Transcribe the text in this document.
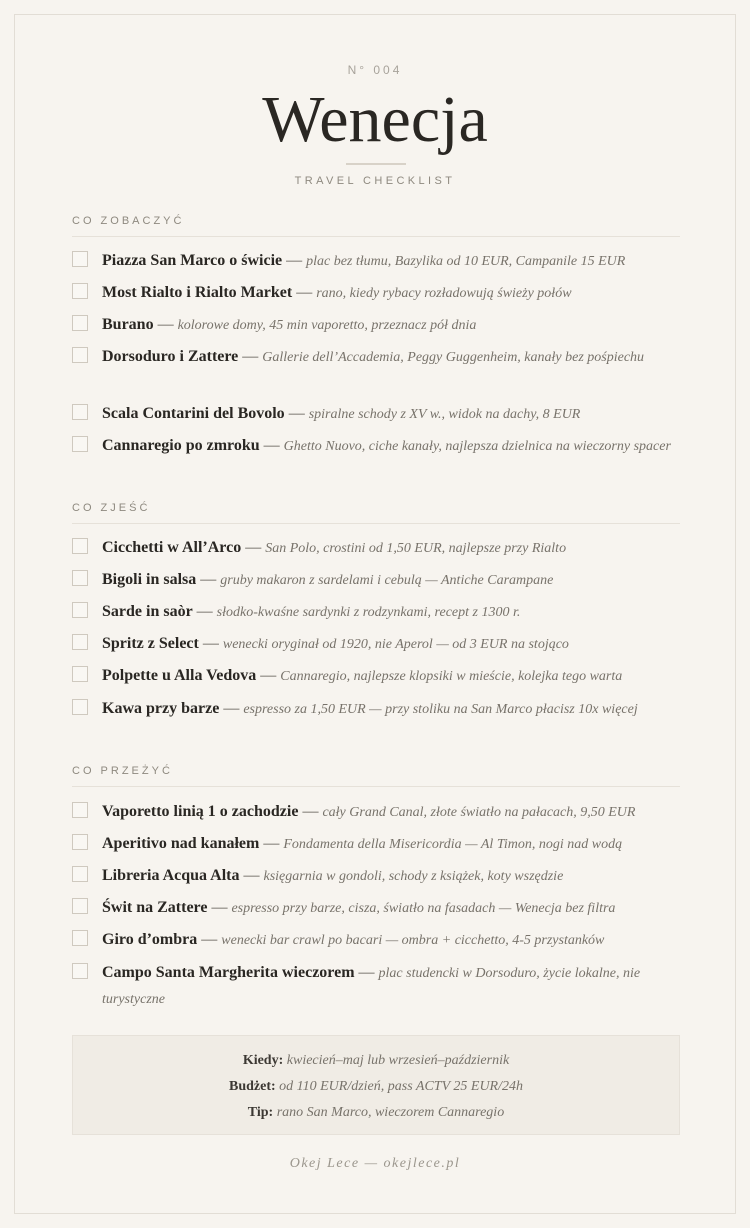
N° 004
Wenecja
TRAVEL CHECKLIST
CO ZOBACZYĆ
Piazza San Marco o świcie — plac bez tłumu, Bazylika od 10 EUR, Campanile 15 EUR
Most Rialto i Rialto Market — rano, kiedy rybacy rozładowują świeży połów
Burano — kolorowe domy, 45 min vaporetto, przeznacz pół dnia
Dorsoduro i Zattere — Gallerie dell’Accademia, Peggy Guggenheim, kanały bez pośpiechu
Scala Contarini del Bovolo — spiralne schody z XV w., widok na dachy, 8 EUR
Cannaregio po zmroku — Ghetto Nuovo, ciche kanały, najlepsza dzielnica na wieczorny spacer
CO ZJEŚĆ
Cicchetti w All’Arco — San Polo, crostini od 1,50 EUR, najlepsze przy Rialto
Bigoli in salsa — gruby makaron z sardelami i cebulą — Antiche Carampane
Sarde in saòr — słodko-kwaśne sardynki z rodzynkami, recept z 1300 r.
Spritz z Select — wenecki oryginał od 1920, nie Aperol — od 3 EUR na stojąco
Polpette u Alla Vedova — Cannaregio, najlepsze klopsiki w mieście, kolejka tego warta
Kawa przy barze — espresso za 1,50 EUR — przy stoliku na San Marco płacisz 10x więcej
CO PRZEŻYĆ
Vaporetto linią 1 o zachodzie — cały Grand Canal, złote światło na pałacach, 9,50 EUR
Aperitivo nad kanałem — Fondamenta della Misericordia — Al Timon, nogi nad wodą
Libreria Acqua Alta — księgarnia w gondoli, schody z książek, koty wszędzie
Świt na Zattere — espresso przy barze, cisza, światło na fasadach — Wenecja bez filtra
Giro d’ombra — wenecki bar crawl po bacari — ombra + cicchetto, 4-5 przystanków
Campo Santa Margherita wieczorem — plac studencki w Dorsoduro, życie lokalne, nie turystyczne
Kiedy: kwiecień–maj lub wrzesień–październik
Budżet: od 110 EUR/dzień, pass ACTV 25 EUR/24h
Tip: rano San Marco, wieczorem Cannaregio
Okej Lece — okejlece.pl
